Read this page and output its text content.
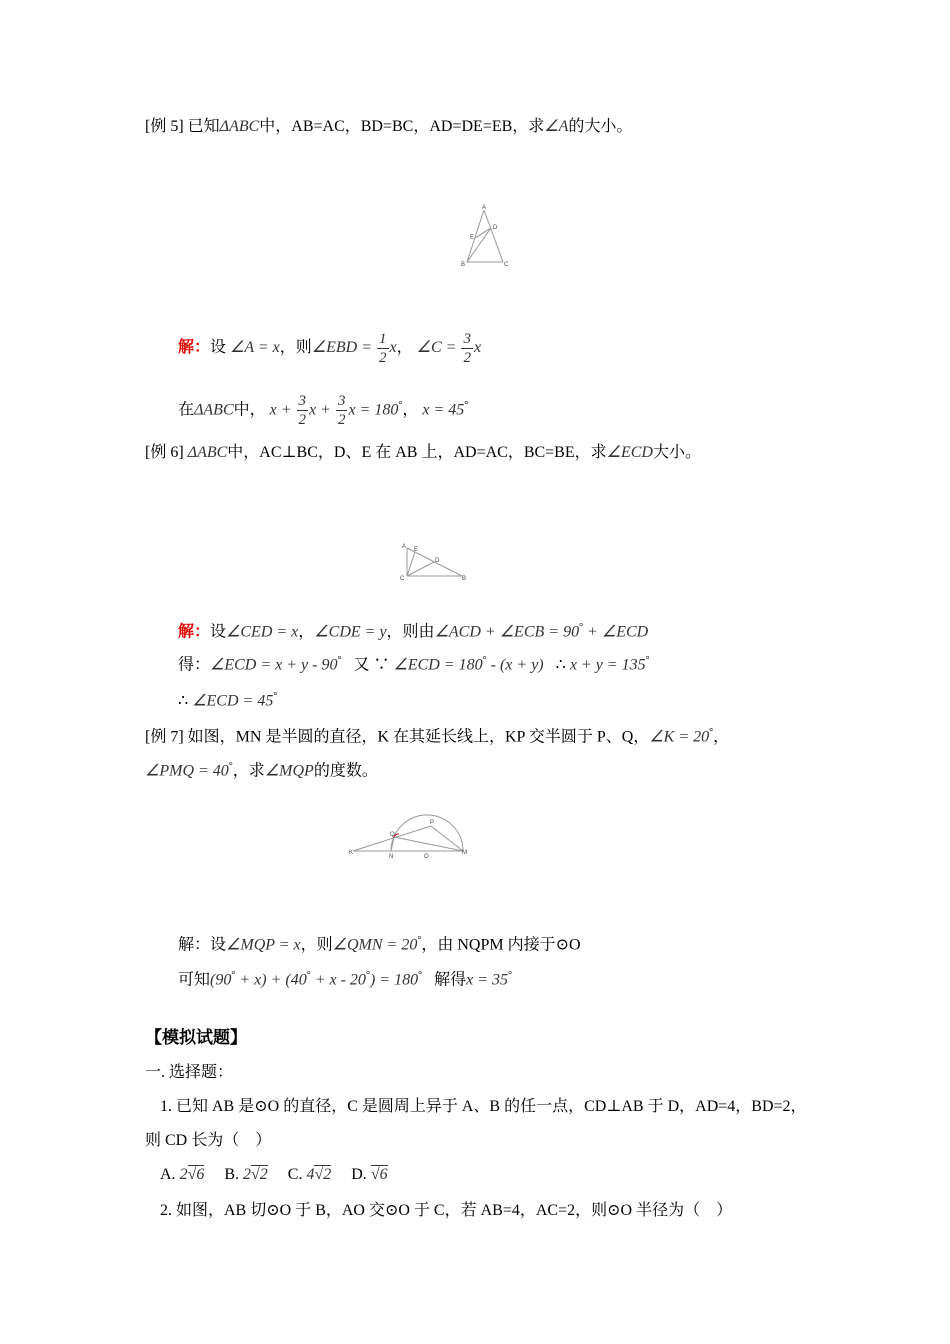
[例 5] 已知ΔABC中，AB=AC，BD=BC，AD=DE=EB，求∠A的大小。
A
D
E
B	C
解：设 ∠A = x，则∠EBD = $\frac{1}{2}$ x， ∠C = $\frac{3}{2}$ x
在ΔABC中， $x + \frac{3}{2}$ $x + \frac{3}{2}$ x = 180°， x = 45°
[例 6] ΔABC中，AC⊥BC，D、E 在 AB 上，AD=AC，BC=BE，求∠ECD大小。
A E
D
C	B
解：设∠CED = x，∠CDE = y，则由∠ACD + ∠ECB = 90° + ∠ECD
得：∠ECD = x + y - 90° 又 ∵ ∠ECD = 180° - (x + y) ∴ x + y = 135°
∴ ∠ECD = 45°
[例 7] 如图，MN 是半圆的直径，K 在其延长线上，KP 交半圆于 P、Q，∠K = 20°，
∠PMQ = 40°，求∠MQP的度数。
K
Q
P
N	O
M
解：设∠MQP = x，则∠QMN = 20°，由 NQPM 内接于⊙O
可知(90° + x) + (40° + x - 20°) = 180° 解得x = 35°
【模拟试题】
一. 选择题：
1. 已知 AB 是⊙O 的直径，C 是圆周上异于 A、B 的任一点，CD⊥AB 于 D，AD=4，BD=2，
则 CD 长为（　）
A. 2√6 B. 2√2 C. 4√2 D. √6
2. 如图，AB 切⊙O 于 B，AO 交⊙O 于 C，若 AB=4，AC=2，则⊙O 半径为（　）
